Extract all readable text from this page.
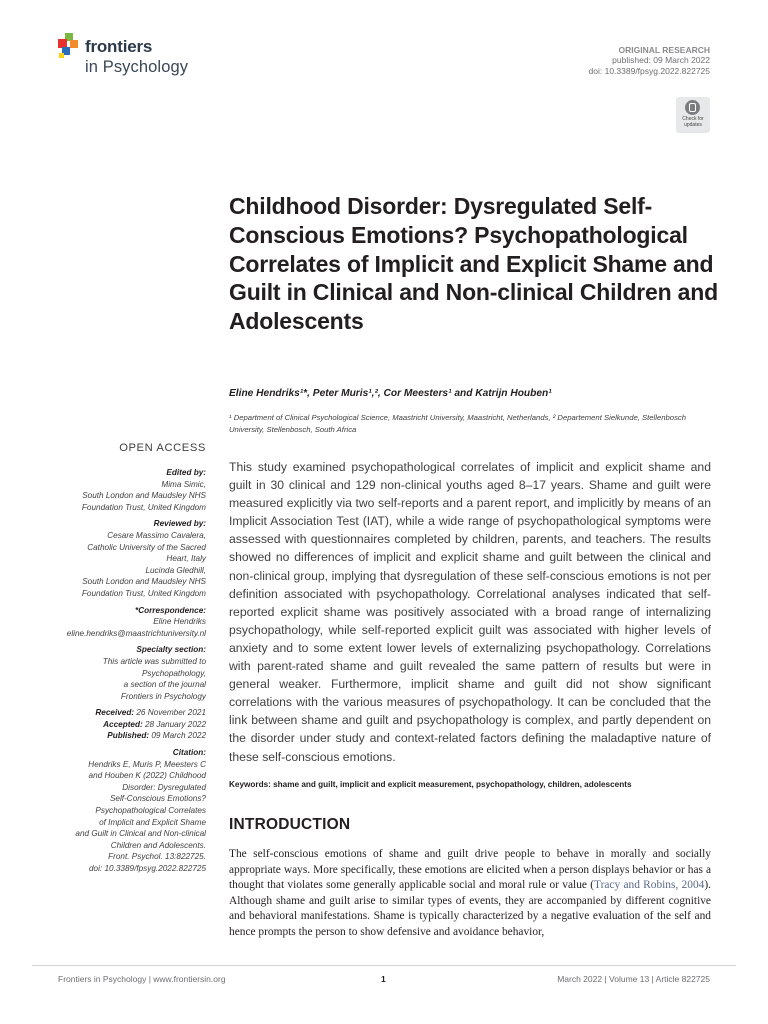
frontiers
in Psychology
ORIGINAL RESEARCH
published: 09 March 2022
doi: 10.3389/fpsyg.2022.822725
Check for
updates
Childhood Disorder: Dysregulated Self-Conscious Emotions? Psychopathological Correlates of Implicit and Explicit Shame and Guilt in Clinical and Non-clinical Children and Adolescents
Eline Hendriks¹*, Peter Muris¹,², Cor Meesters¹ and Katrijn Houben¹
¹ Department of Clinical Psychological Science, Maastricht University, Maastricht, Netherlands, ² Departement Sielkunde, Stellenbosch University, Stellenbosch, South Africa
OPEN ACCESS
Edited by:
Mima Simic,
South London and Maudsley NHS
Foundation Trust, United Kingdom
Reviewed by:
Cesare Massimo Cavalera,
Catholic University of the Sacred
Heart, Italy
Lucinda Gledhill,
South London and Maudsley NHS
Foundation Trust, United Kingdom
*Correspondence:
Eline Hendriks
eline.hendriks@maastrichtuniversity.nl
Specialty section:
This article was submitted to
Psychopathology,
a section of the journal
Frontiers in Psychology
Received: 26 November 2021
Accepted: 28 January 2022
Published: 09 March 2022
Citation:
Hendriks E, Muris P, Meesters C
and Houben K (2022) Childhood
Disorder: Dysregulated
Self-Conscious Emotions?
Psychopathological Correlates
of Implicit and Explicit Shame
and Guilt in Clinical and Non-clinical
Children and Adolescents.
Front. Psychol. 13:822725.
doi: 10.3389/fpsyg.2022.822725
This study examined psychopathological correlates of implicit and explicit shame and guilt in 30 clinical and 129 non-clinical youths aged 8–17 years. Shame and guilt were measured explicitly via two self-reports and a parent report, and implicitly by means of an Implicit Association Test (IAT), while a wide range of psychopathological symptoms were assessed with questionnaires completed by children, parents, and teachers. The results showed no differences of implicit and explicit shame and guilt between the clinical and non-clinical group, implying that dysregulation of these self-conscious emotions is not per definition associated with psychopathology. Correlational analyses indicated that self-reported explicit shame was positively associated with a broad range of internalizing psychopathology, while self-reported explicit guilt was associated with higher levels of anxiety and to some extent lower levels of externalizing psychopathology. Correlations with parent-rated shame and guilt revealed the same pattern of results but were in general weaker. Furthermore, implicit shame and guilt did not show significant correlations with the various measures of psychopathology. It can be concluded that the link between shame and guilt and psychopathology is complex, and partly dependent on the disorder under study and context-related factors defining the maladaptive nature of these self-conscious emotions.
Keywords: shame and guilt, implicit and explicit measurement, psychopathology, children, adolescents
INTRODUCTION
The self-conscious emotions of shame and guilt drive people to behave in morally and socially appropriate ways. More specifically, these emotions are elicited when a person displays behavior or has a thought that violates some generally applicable social and moral rule or value (Tracy and Robins, 2004). Although shame and guilt arise to similar types of events, they are accompanied by different cognitive and behavioral manifestations. Shame is typically characterized by a negative evaluation of the self and hence prompts the person to show defensive and avoidance behavior,
Frontiers in Psychology | www.frontiersin.org	1	March 2022 | Volume 13 | Article 822725
